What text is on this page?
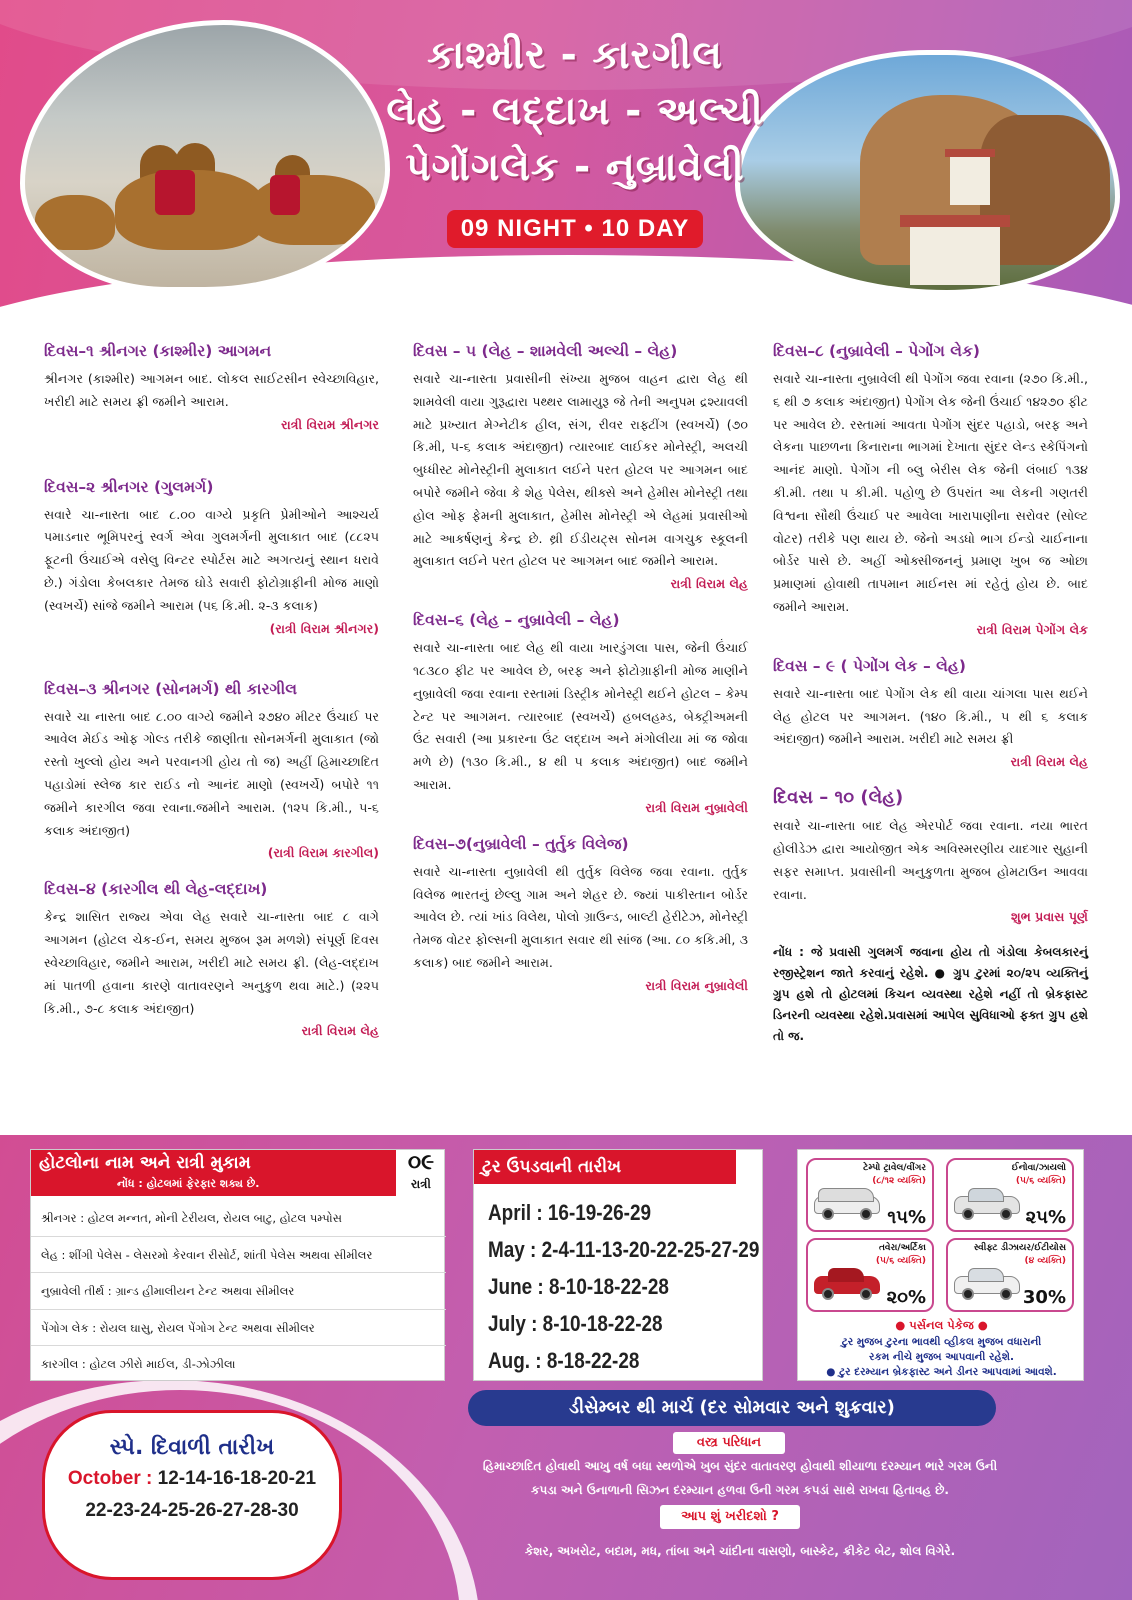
કાશ્મીર - કારગીલ
લેહ - લદ્દાખ - અલ્ચી
પેગોંગલેક - નુબ્રાવેલી
09 NIGHT • 10 DAY
દિવસ–૧ શ્રીનગર (કાશ્મીર) આગમન
શ્રીનગર (કાશ્મીર) આગમન બાદ. લોકલ સાઈટસીન સ્વેચ્છાવિહાર, ખરીદી માટે સમય ફ્રી જમીને આરામ.
રાત્રી વિરામ શ્રીનગર
દિવસ–૨ શ્રીનગર (ગુલમર્ગ)
સવારે ચા-નાસ્તા બાદ ૮.૦૦ વાગ્યે પ્રકૃતિ પ્રેમીઓને આશ્ચર્ય પમાડનાર ભૂમિપરનું સ્વર્ગ એવા ગુલમર્ગની મુલાકાત બાદ (૮૮૨૫ ફૂટની ઉંચાઈએ વસેલુ વિન્ટર સ્પોર્ટસ માટે અગત્યનું સ્થાન ધરાવે છે.) ગંડોલા કેબલકાર તેમજ ઘોડે સવારી ફોટોગ્રાફીની મોજ માણો (સ્વખર્ચે) સાંજે જમીને આરામ (૫૬ કિ.મી. ૨-૩ કલાક)
(રાત્રી વિરામ શ્રીનગર)
દિવસ–૩ શ્રીનગર (સોનમર્ગ) થી કારગીલ
સવારે ચા નાસ્તા બાદ ૮.૦૦ વાગ્યે જમીને ૨૭૪૦ મીટર ઉંચાઈ પર આવેલ મેઈડ ઓફ ગોલ્ડ તરીકે જાણીતા સોનમર્ગની મુલાકાત (જો રસ્તો ખુલ્લો હોય અને પરવાનગી હોય તો જ) અહીં હિમાચ્છાદિત પહાડોમાં સ્લેજ કાર રાઈડ નો આનંદ માણો (સ્વખર્ચે) બપોરે ૧૧ જમીને કારગીલ જવા રવાના.જમીને આરામ. (૧૨૫ કિ.મી., ૫-૬ કલાક અંદાજીત)
(રાત્રી વિરામ કારગીલ)
દિવસ–૪ (કારગીલ થી લેહ-લદ્દાખ)
કેન્દ્ર શાસિત રાજ્ય એવા લેહ સવારે ચા-નાસ્તા બાદ ૮ વાગે આગમન (હોટલ ચેક-ઈન, સમય મુજબ રૂમ મળશે) સંપૂર્ણ દિવસ સ્વેચ્છાવિહાર, જમીને આરામ, ખરીદી માટે સમય ફ્રી. (લેહ-લદ્દાખ માં પાતળી હવાના કારણે વાતાવરણને અનુકુળ થવા માટે.) (૨૨૫ કિ.મી., ૭-૮ કલાક અંદાજીત)
રાત્રી વિરામ લેહ
દિવસ – ૫ (લેહ – શામવેલી અલ્ચી – લેહ)
સવારે ચા-નાસ્તા પ્રવાસીની સંખ્યા મુજબ વાહન દ્વારા લેહ થી શામવેલી વાયા ગુરૂદ્વારા પથ્થર લામાયુરૂ જે તેની અનુપમ દ્રશ્યાવલી માટે પ્રખ્યાત મેગ્નેટીક હીલ, સંગ, રીવર રાફ્ટીંગ (સ્વખર્ચે) (૭૦ કિ.મી, ૫-૬ કલાક અંદાજીત) ત્યારબાદ લાઈકર મોનેસ્ટ્રી, અલચી બુધ્ધીસ્ટ મોનેસ્ટ્રીની મુલાકાત લઈને પરત હોટલ પર આગમન બાદ બપોરે જમીને જેવા કે શેહ પેલેસ, થીક્સે અને હેમીસ મોનેસ્ટ્રી તથા હોલ ઓફ ફેમની મુલાકાત, હેમીસ મોનેસ્ટ્રી એ લેહમાં પ્રવાસીઓ માટે આકર્ષણનું કેન્દ્ર છે. થ્રી ઈડીયટ્સ સોનમ વાગચુક સ્કૂલની મુલાકાત લઈને પરત હોટલ પર આગમન બાદ જમીને આરામ.
રાત્રી વિરામ લેહ
દિવસ–૬ (લેહ – નુબ્રાવેલી – લેહ)
સવારે ચા-નાસ્તા બાદ લેહ થી વાયા ખારડુંગલા પાસ, જેની ઉંચાઈ ૧૮૩૮૦ ફીટ પર આવેલ છે, બરફ અને ફોટોગ્રાફીની મોજ માણીને નુબ્રાવેલી જવા રવાના રસ્તામાં ડિસ્ટ્રીક મોનેસ્ટ્રી થઈને હોટલ – કેમ્પ ટેન્ટ પર આગમન. ત્યારબાદ (સ્વખર્ચે) હબલહમ્ડ, બેક્ટ્રીઅમની ઉંટ સવારી (આ પ્રકારના ઉંટ લદ્દાખ અને મંગોલીયા માં જ જોવા મળે છે) (૧૩૦ કિ.મી., ૪ થી ૫ કલાક અંદાજીત) બાદ જમીને આરામ.
રાત્રી વિરામ નુબ્રાવેલી
દિવસ–૭(નુબ્રાવેલી – તુર્તુક વિલેજ)
સવારે ચા-નાસ્તા નુબ્રાવેલી થી તુર્તુક વિલેજ જવા રવાના. તુર્તુક વિલેજ ભારતનું છેલ્લુ ગામ અને શેહર છે. જ્યાં પાકીસ્તાન બોર્ડર આવેલ છે. ત્યાં ખાંડ વિલેથ, પોલો ગ્રાઉન્ડ, બાલ્ટી હેરીટેઝ, મોનેસ્ટ્રી તેમજ વોટર ફોલ્સની મુલાકાત સવાર થી સાંજ (આ. ૮૦ કકિ.મી, ૩ કલાક) બાદ જમીને આરામ.
રાત્રી વિરામ નુબ્રાવેલી
દિવસ–૮ (નુબ્રાવેલી – પેગોંગ લેક)
સવારે ચા-નાસ્તા નુબ્રાવેલી થી પેગોંગ જવા રવાના (૨૭૦ કિ.મી., ૬ થી ૭ કલાક અંદાજીત) પેગોંગ લેક જેની ઉંચાઈ ૧૪૨૭૦ ફીટ પર આવેલ છે. રસ્તામાં આવતા પેગોંગ સુંદર પહાડો, બરફ અને લેકના પાછળના કિનારાના ભાગમાં દેખાતા સુંદર લેન્ડ સ્કેપિંગનો આનંદ માણો. પેગોંગ ની બ્લુ બેરીસ લેક જેની લંબાઈ ૧૩૪ કી.મી. તથા ૫ કી.મી. પહોળુ છે ઉપરાંત આ લેકની ગણતરી વિશ્વના સૌથી ઉંચાઈ પર આવેલા ખારાપાણીના સરોવર (સોલ્ટ વોટર) તરીકે પણ થાય છે. જેનો અડધો ભાગ ઈન્ડો ચાઈનાના બોર્ડર પાસે છે. અહીં ઓક્સીજનનું પ્રમાણ ખુબ જ ઓછા પ્રમાણમાં હોવાથી તાપમાન માઈનસ માં રહેતું હોય છે. બાદ જમીને આરામ.
રાત્રી વિરામ પેગોંગ લેક
દિવસ – ૯ ( પેગોંગ લેક – લેહ)
સવારે ચા-નાસ્તા બાદ પેગોંગ લેક થી વાયા ચાંગલા પાસ થઈને લેહ હોટલ પર આગમન. (૧૪૦ કિ.મી., ૫ થી ૬ કલાક અંદાજીત) જમીને આરામ. ખરીદી માટે સમય ફ્રી
રાત્રી વિરામ લેહ
દિવસ – ૧૦ (લેહ)
સવારે ચા-નાસ્તા બાદ લેહ એરપોર્ટ જવા રવાના. નયા ભારત હોલીડેઝ દ્વારા આયોજીત એક અવિસ્મરણીય યાદગાર સુહાની સફર સમાપ્ત. પ્રવાસીની અનુકુળતા મુજબ હોમટાઉન આવવા રવાના.
શુભ પ્રવાસ પૂર્ણ
નોંધ : જે પ્રવાસી ગુલમર્ગ જવાના હોય તો ગંડોલા કેબલકારનું રજીસ્ટ્રેશન જાતે કરવાનું રહેશે. ● ગ્રુપ ટુરમાં ૨૦/૨૫ વ્યક્તિનું ગ્રુપ હશે તો હોટલમાં કિચન વ્યવસ્થા રહેશે નહીં તો બ્રેકફાસ્ટ ડિનરની વ્યવસ્થા રહેશે.પ્રવાસમાં આપેલ સુવિધાઓ ફક્ત ગ્રુપ હશે તો જ.
હોટલોના નામ અને રાત્રી મુકામ
નોંધ : હોટલમાં ફેરફાર શક્ય છે.
૦૯
રાત્રી
શ્રીનગર : હોટલ મન્નત, મોની ટેરીયલ, રોયલ બાટુ, હોટલ પમ્પોસ
લેહ : શીંગી પેલેસ - લેસરમો કેરવાન રીસોર્ટ, શાંતી પેલેસ અથવા સીમીલર
નુબ્રાવેલી તીર્થ : ગ્રાન્ડ હીમાલીયન ટેન્ટ અથવા સીમીલર
પેંગોગ લેક : રોયલ ઘાસુ, રોયલ પેંગોગ ટેન્ટ અથવા સીમીલર
કારગીલ : હોટલ ઝીરો માઈલ, ડી-ઝોઝીલા
ટુર ઉપડવાની તારીખ
April : 16-19-26-29
May : 2-4-11-13-20-22-25-27-29
June : 8-10-18-22-28
July : 8-10-18-22-28
Aug. : 8-18-22-28
ટેમ્પો ટ્રાવેલ/વીંગર
(૮/૧૨ વ્યક્તિ)
૧૫%
ઈનોવા/ઝાયલો
(૫/૬ વ્યક્તિ)
૨૫%
તવેરા/અર્ટિકા
(૫/૬ વ્યક્તિ)
૨૦%
સ્વીફ્ટ ડીઝાયર/ઈટીયોસ
(૪ વ્યક્તિ)
30%
● પર્સનલ પેકેજ ●
ટુર મુજબ ટુરના ભાવથી વ્હીકલ મુજબ વધારાની
રકમ નીચે મુજબ આપવાની રહેશે.
● ટુર દરમ્યાન બ્રેકફાસ્ટ અને ડીનર આપવામાં આવશે.
ડીસેમ્બર થી માર્ચ (દર સોમવાર અને શુક્રવાર)
વસ્ત્ર પરિધાન
હિમાચ્છાદિત હોવાથી આખુ વર્ષ બધા સ્થળોએ ખુબ સુંદર વાતાવરણ હોવાથી શીયાળા દરમ્યાન ભારે ગરમ ઉની
કપડા અને ઉનાળાની સિઝન દરમ્યાન હળવા ઉની ગરમ કપડાં સાથે રાખવા હિતાવહ છે.
આપ શું ખરીદશો ?
કેશર, અખરોટ, બદામ, મધ, તાંબા અને ચાંદીના વાસણો, બાસ્કેટ, ક્રીકેટ બેટ, શોલ વિગેરે.
સ્પે. દિવાળી તારીખ
October : 12-14-16-18-20-21
22-23-24-25-26-27-28-30
